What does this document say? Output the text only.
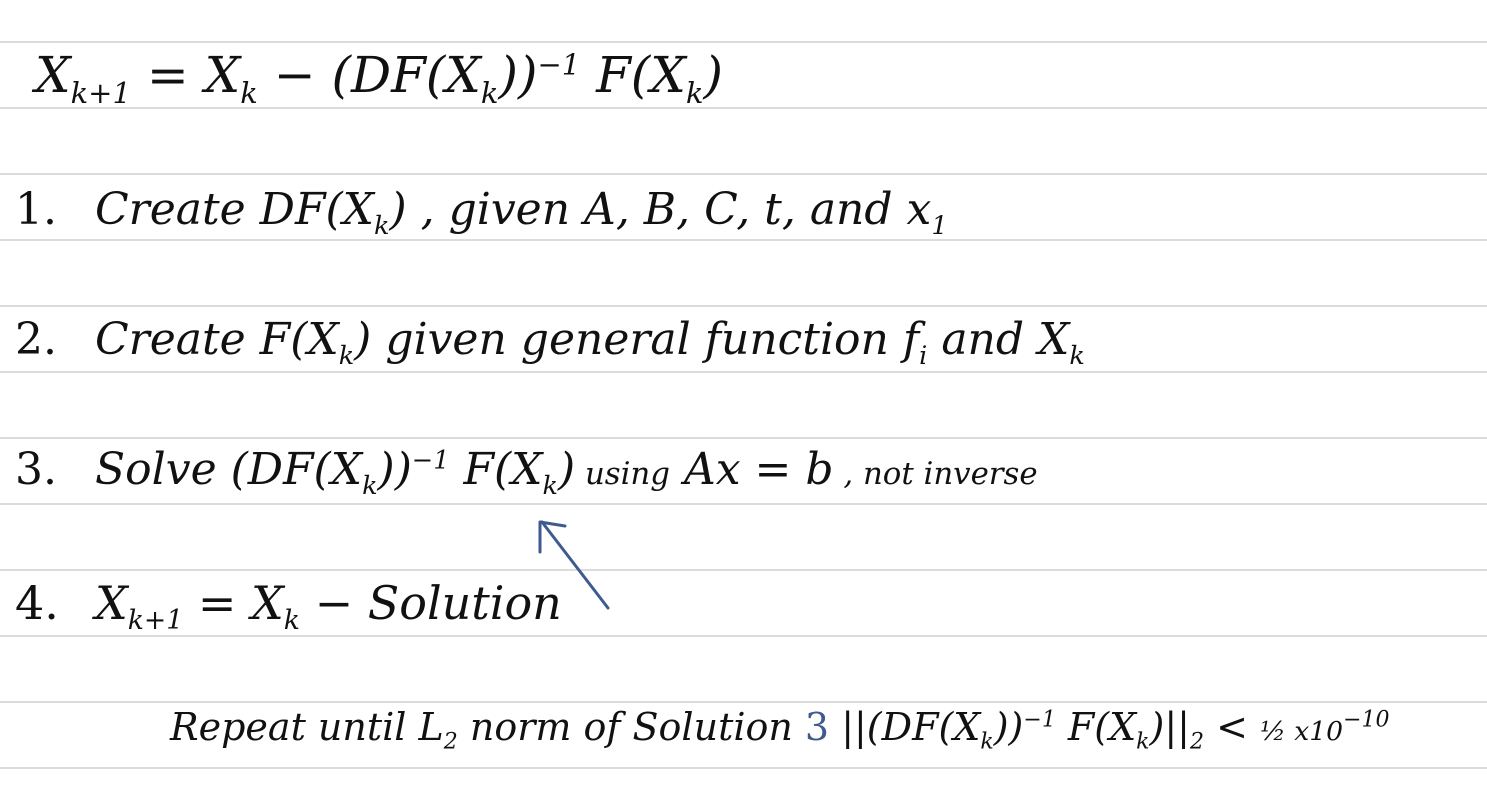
$X_{k+1} = X_k - (DF(X_k))^{-1}$ $F(X_k)$
1. Create $DF(X_k)$ , given A, B, C, t, and $x_1$
2. Create $F(X_k)$ given general function $f_i$ and $X_k$
3. Solve $(DF(X_k))^{-1}$ $F(X_k)$ using Ax = b , not inverse
4. $X_{k+1} = X_k$ − Solution
Repeat until $L_2$ norm of Solution 3 $||(DF(X_k))^{-1}$ $F(X_k)||_2$ < ½ $x10^{-10}$
